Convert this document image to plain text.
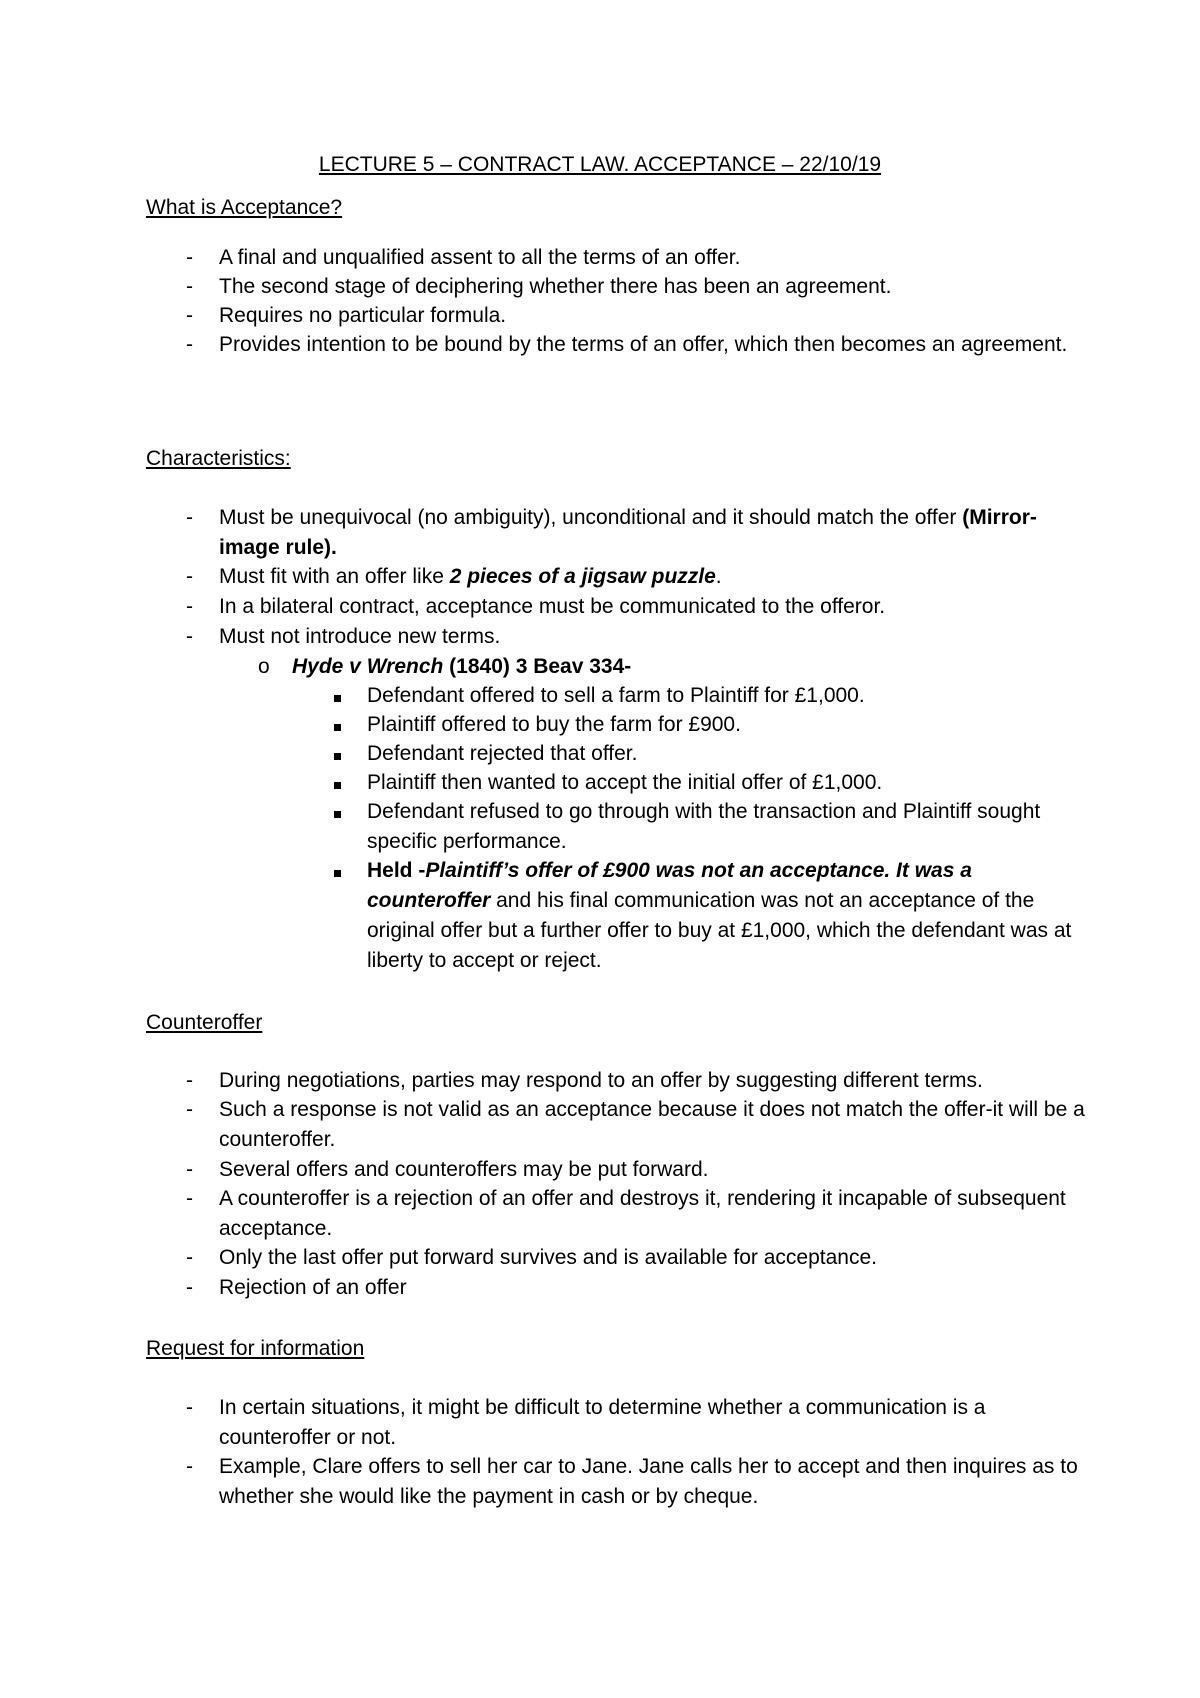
LECTURE 5 – CONTRACT LAW. ACCEPTANCE – 22/10/19
What is Acceptance?
-	A final and unqualified assent to all the terms of an offer.
-	The second stage of deciphering whether there has been an agreement.
-	Requires no particular formula.
-	Provides intention to be bound by the terms of an offer, which then becomes an agreement.
Characteristics:
-	Must be unequivocal (no ambiguity), unconditional and it should match the offer (Mirror-image rule).
-	Must fit with an offer like 2 pieces of a jigsaw puzzle.
-	In a bilateral contract, acceptance must be communicated to the offeror.
-	Must not introduce new terms.
o Hyde v Wrench (1840) 3 Beav 334-
Defendant offered to sell a farm to Plaintiff for £1,000.
Plaintiff offered to buy the farm for £900.
Defendant rejected that offer.
Plaintiff then wanted to accept the initial offer of £1,000.
Defendant refused to go through with the transaction and Plaintiff sought specific performance.
Held -Plaintiff’s offer of £900 was not an acceptance. It was a counteroffer and his final communication was not an acceptance of the original offer but a further offer to buy at £1,000, which the defendant was at liberty to accept or reject.
Counteroffer
-	During negotiations, parties may respond to an offer by suggesting different terms.
-	Such a response is not valid as an acceptance because it does not match the offer-it will be a counteroffer.
-	Several offers and counteroffers may be put forward.
-	A counteroffer is a rejection of an offer and destroys it, rendering it incapable of subsequent acceptance.
-	Only the last offer put forward survives and is available for acceptance.
-	Rejection of an offer
Request for information
-	In certain situations, it might be difficult to determine whether a communication is a counteroffer or not.
-	Example, Clare offers to sell her car to Jane. Jane calls her to accept and then inquires as to whether she would like the payment in cash or by cheque.
